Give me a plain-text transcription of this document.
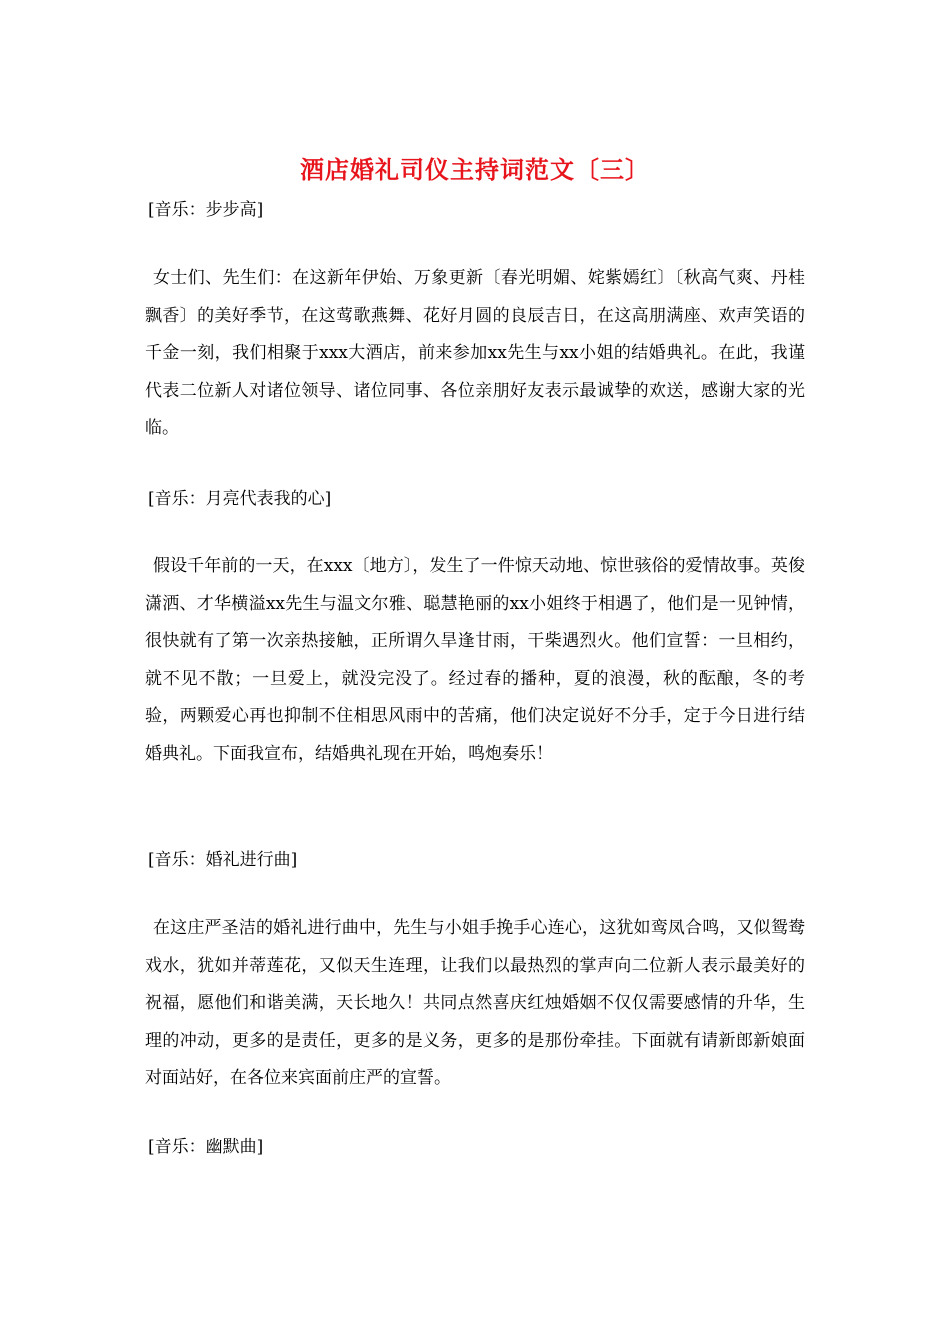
酒店婚礼司仪主持词范文〔三〕
[音乐：步步高]

女士们、先生们：在这新年伊始、万象更新〔春光明媚、姹紫嫣红〕〔秋高气爽、丹桂飘香〕的美好季节，在这莺歌燕舞、花好月圆的良辰吉日，在这高朋满座、欢声笑语的千金一刻，我们相聚于xxx大酒店，前来参加xx先生与xx小姐的结婚典礼。在此，我谨代表二位新人对诸位领导、诸位同事、各位亲朋好友表示最诚挚的欢送，感谢大家的光临。

[音乐：月亮代表我的心]

假设千年前的一天，在xxx〔地方〕，发生了一件惊天动地、惊世骇俗的爱情故事。英俊潇洒、才华横溢xx先生与温文尔雅、聪慧艳丽的xx小姐终于相遇了，他们是一见钟情，很快就有了第一次亲热接触，正所谓久旱逢甘雨，干柴遇烈火。他们宣誓：一旦相约，就不见不散；一旦爱上，就没完没了。经过春的播种，夏的浪漫，秋的酝酿，冬的考验，两颗爱心再也抑制不住相思风雨中的苦痛，他们决定说好不分手，定于今日进行结婚典礼。下面我宣布，结婚典礼现在开始，鸣炮奏乐！

[音乐：婚礼进行曲]

在这庄严圣洁的婚礼进行曲中，先生与小姐手挽手心连心，这犹如鸾凤合鸣，又似鸳鸯戏水，犹如并蒂莲花，又似天生连理，让我们以最热烈的掌声向二位新人表示最美好的祝福，愿他们和谐美满，天长地久！共同点然喜庆红烛婚姻不仅仅需要感情的升华，生理的冲动，更多的是责任，更多的是义务，更多的是那份牵挂。下面就有请新郎新娘面对面站好，在各位来宾面前庄严的宣誓。

[音乐：幽默曲]
